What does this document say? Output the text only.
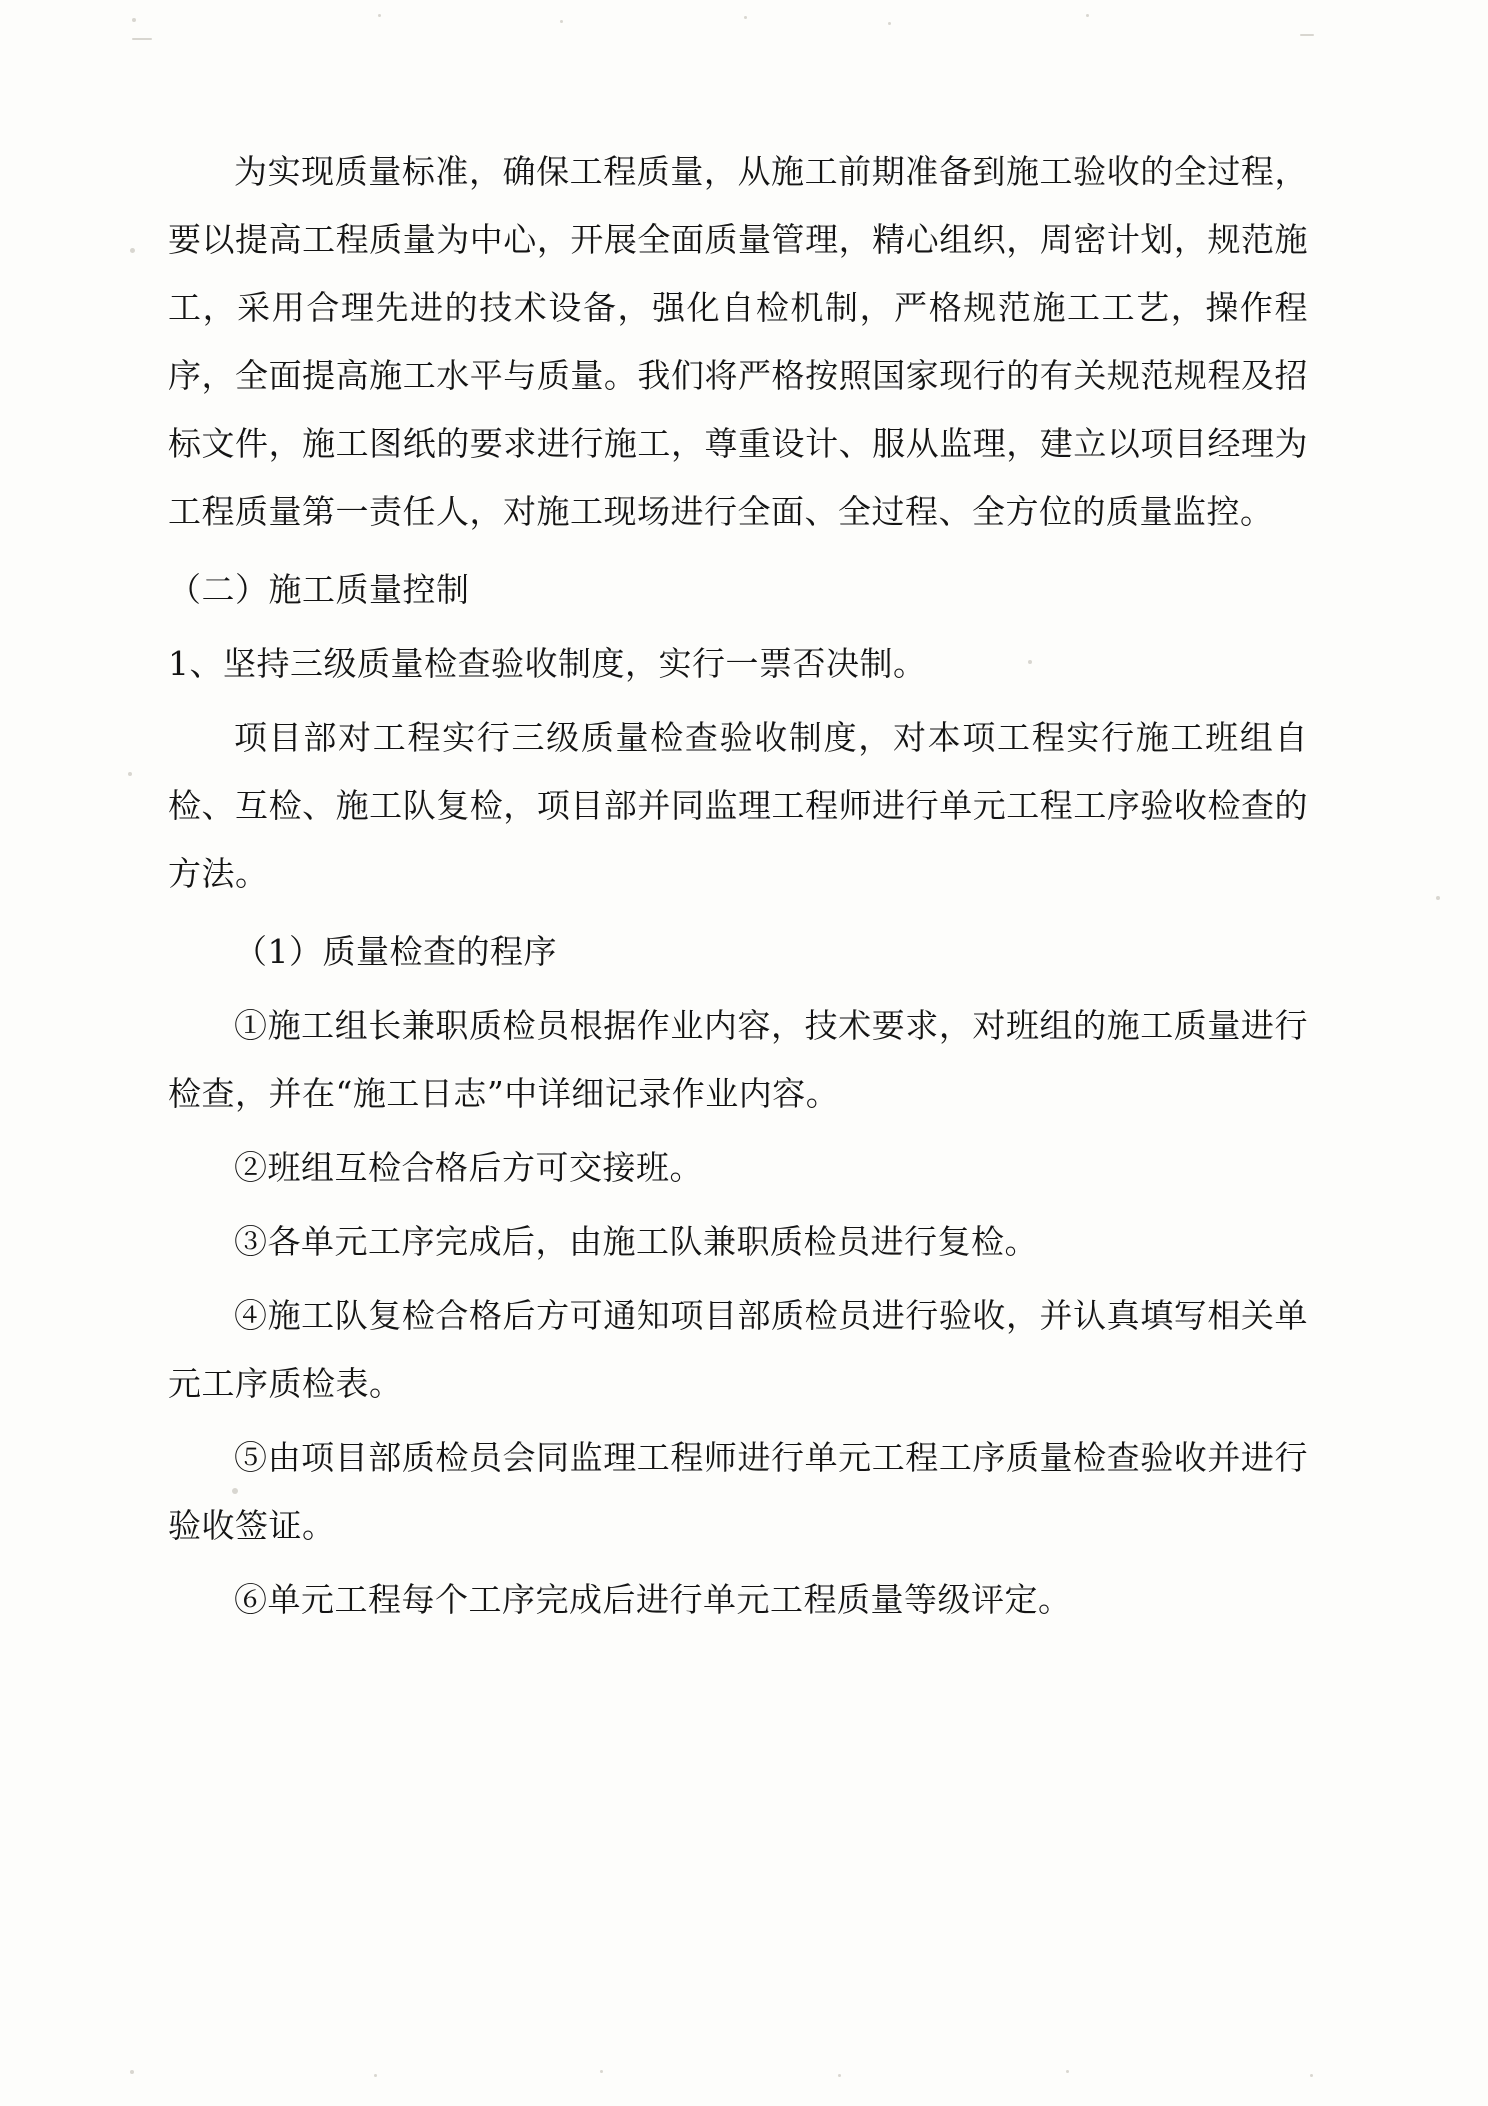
为实现质量标准，确保工程质量，从施工前期准备到施工验收的全过程，要以提高工程质量为中心，开展全面质量管理，精心组织，周密计划，规范施工，采用合理先进的技术设备，强化自检机制，严格规范施工工艺，操作程序，全面提高施工水平与质量。我们将严格按照国家现行的有关规范规程及招标文件，施工图纸的要求进行施工，尊重设计、服从监理，建立以项目经理为工程质量第一责任人，对施工现场进行全面、全过程、全方位的质量监控。

（二）施工质量控制

1、坚持三级质量检查验收制度，实行一票否决制。

项目部对工程实行三级质量检查验收制度，对本项工程实行施工班组自检、互检、施工队复检，项目部并同监理工程师进行单元工程工序验收检查的方法。

（1）质量检查的程序

①施工组长兼职质检员根据作业内容，技术要求，对班组的施工质量进行检查，并在“施工日志”中详细记录作业内容。

②班组互检合格后方可交接班。

③各单元工序完成后，由施工队兼职质检员进行复检。

④施工队复检合格后方可通知项目部质检员进行验收，并认真填写相关单元工序质检表。

⑤由项目部质检员会同监理工程师进行单元工程工序质量检查验收并进行验收签证。

⑥单元工程每个工序完成后进行单元工程质量等级评定。
